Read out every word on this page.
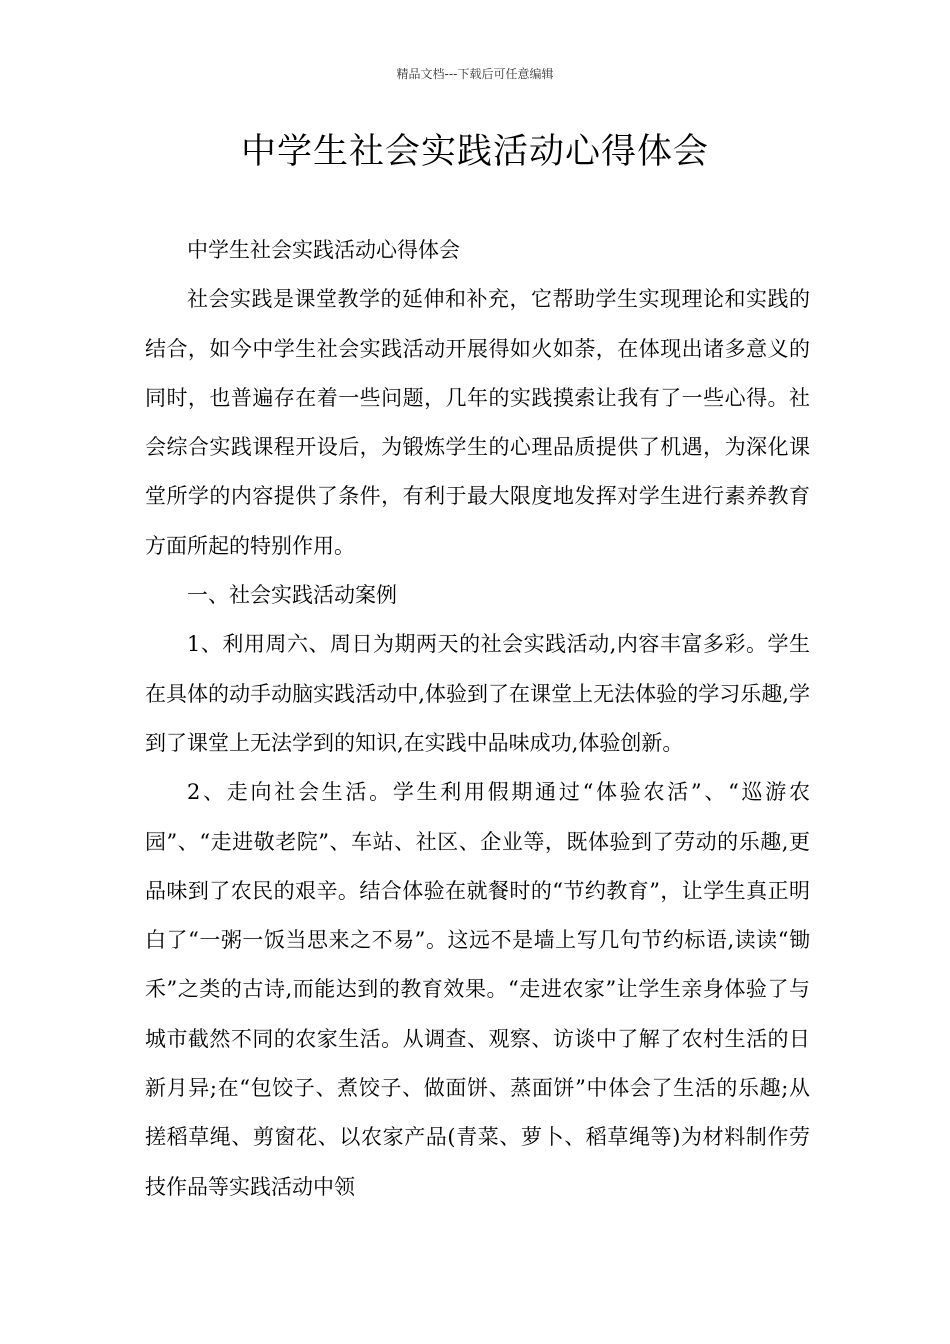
精品文档---下载后可任意编辑
中学生社会实践活动心得体会

中学生社会实践活动心得体会

社会实践是课堂教学的延伸和补充，它帮助学生实现理论和实践的结合，如今中学生社会实践活动开展得如火如荼，在体现出诸多意义的同时，也普遍存在着一些问题，几年的实践摸索让我有了一些心得。社会综合实践课程开设后，为锻炼学生的心理品质提供了机遇，为深化课堂所学的内容提供了条件，有利于最大限度地发挥对学生进行素养教育方面所起的特别作用。

一、社会实践活动案例

1、利用周六、周日为期两天的社会实践活动,内容丰富多彩。学生在具体的动手动脑实践活动中,体验到了在课堂上无法体验的学习乐趣,学到了课堂上无法学到的知识,在实践中品味成功,体验创新。

2、走向社会生活。学生利用假期通过“体验农活”、“巡游农园”、“走进敬老院”、车站、社区、企业等，既体验到了劳动的乐趣,更品味到了农民的艰辛。结合体验在就餐时的“节约教育”，让学生真正明白了“一粥一饭当思来之不易”。这远不是墙上写几句节约标语,读读“锄禾”之类的古诗,而能达到的教育效果。“走进农家”让学生亲身体验了与城市截然不同的农家生活。从调查、观察、访谈中了解了农村生活的日新月异;在“包饺子、煮饺子、做面饼、蒸面饼”中体会了生活的乐趣;从搓稻草绳、剪窗花、以农家产品(青菜、萝卜、稻草绳等)为材料制作劳技作品等实践活动中领
